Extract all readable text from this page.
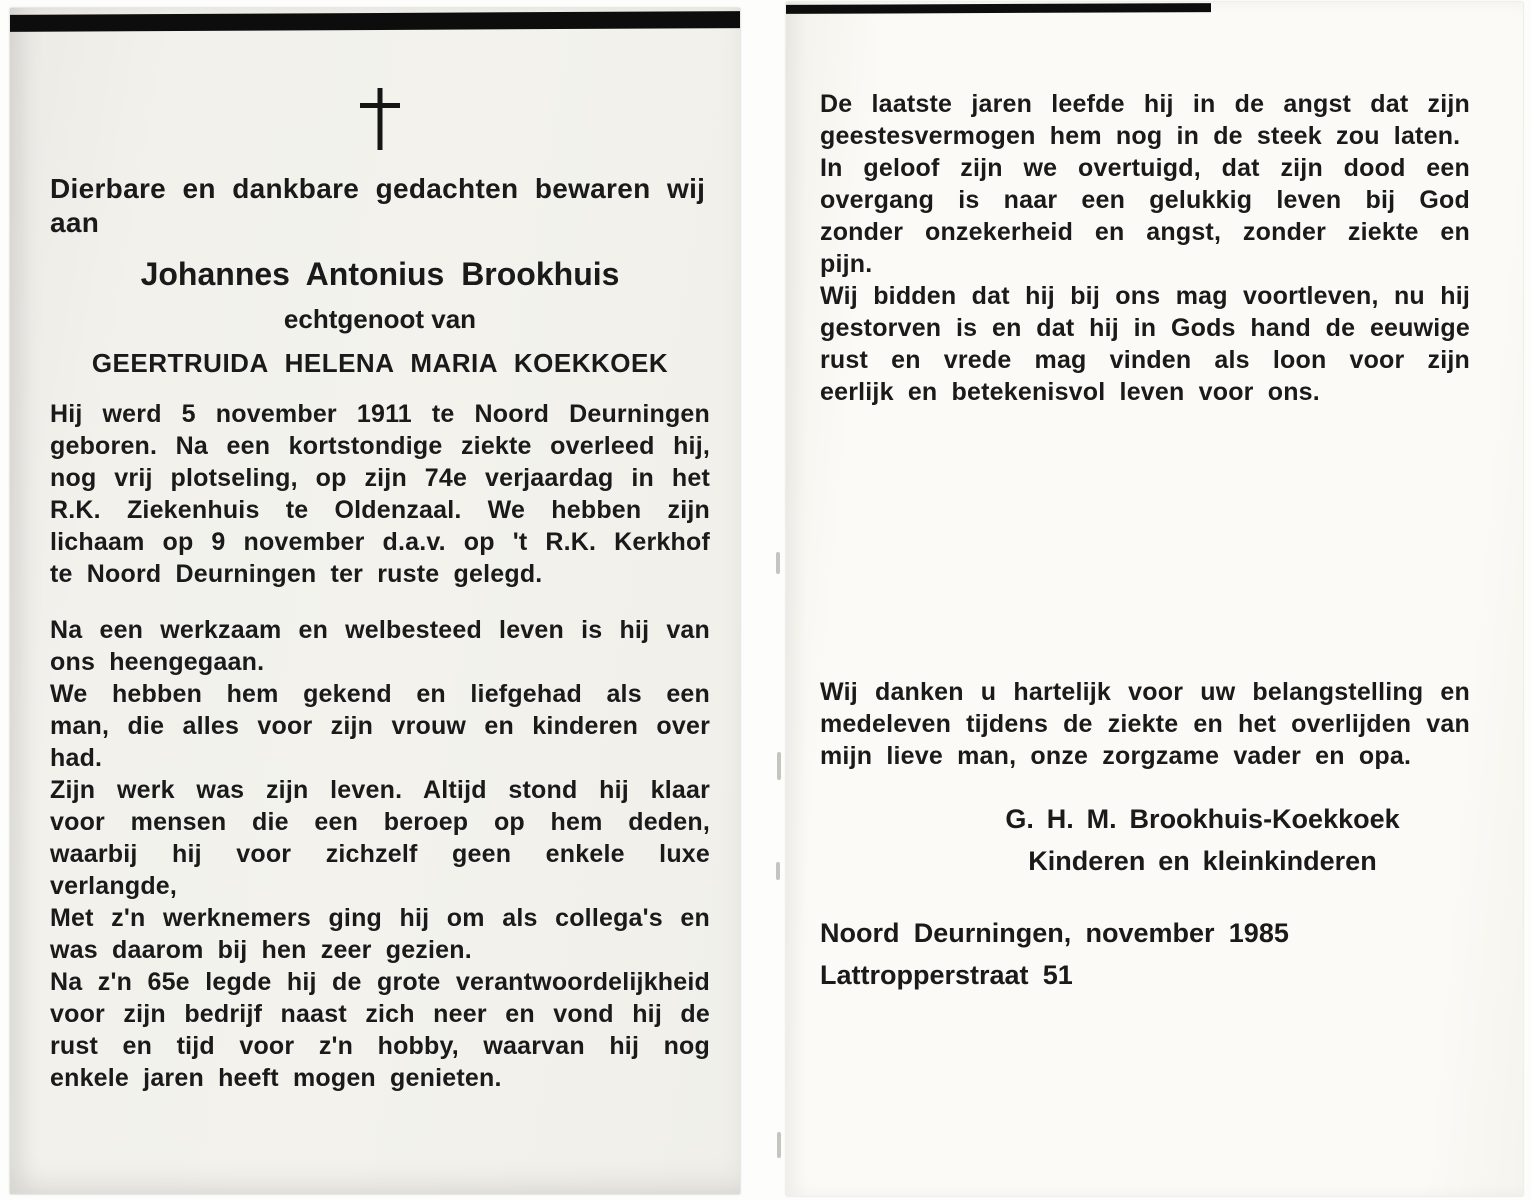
Dierbare en dankbare gedachten bewaren wij aan

Johannes Antonius Brookhuis

echtgenoot van

GEERTRUIDA HELENA MARIA KOEKKOEK

Hij werd 5 november 1911 te Noord Deurningen geboren. Na een kortstondige ziekte overleed hij, nog vrij plotseling, op zijn 74e verjaardag in het R.K. Ziekenhuis te Oldenzaal. We hebben zijn lichaam op 9 november d.a.v. op 't R.K. Kerkhof te Noord Deurningen ter ruste gelegd.

Na een werkzaam en welbesteed leven is hij van ons heengegaan.

We hebben hem gekend en liefgehad als een man, die alles voor zijn vrouw en kinderen over had.

Zijn werk was zijn leven. Altijd stond hij klaar voor mensen die een beroep op hem deden, waarbij hij voor zichzelf geen enkele luxe verlangde,

Met z'n werknemers ging hij om als collega's en was daarom bij hen zeer gezien.

Na z'n 65e legde hij de grote verantwoordelijkheid voor zijn bedrijf naast zich neer en vond hij de rust en tijd voor z'n hobby, waarvan hij nog enkele jaren heeft mogen genieten.

De laatste jaren leefde hij in de angst dat zijn geestesvermogen hem nog in de steek zou laten.

In geloof zijn we overtuigd, dat zijn dood een overgang is naar een gelukkig leven bij God zonder onzekerheid en angst, zonder ziekte en pijn.

Wij bidden dat hij bij ons mag voortleven, nu hij gestorven is en dat hij in Gods hand de eeuwige rust en vrede mag vinden als loon voor zijn eerlijk en betekenisvol leven voor ons.

Wij danken u hartelijk voor uw belangstelling en medeleven tijdens de ziekte en het overlijden van mijn lieve man, onze zorgzame vader en opa.

G. H. M. Brookhuis-Koekkoek

Kinderen en kleinkinderen

Noord Deurningen, november 1985

Lattropperstraat 51
